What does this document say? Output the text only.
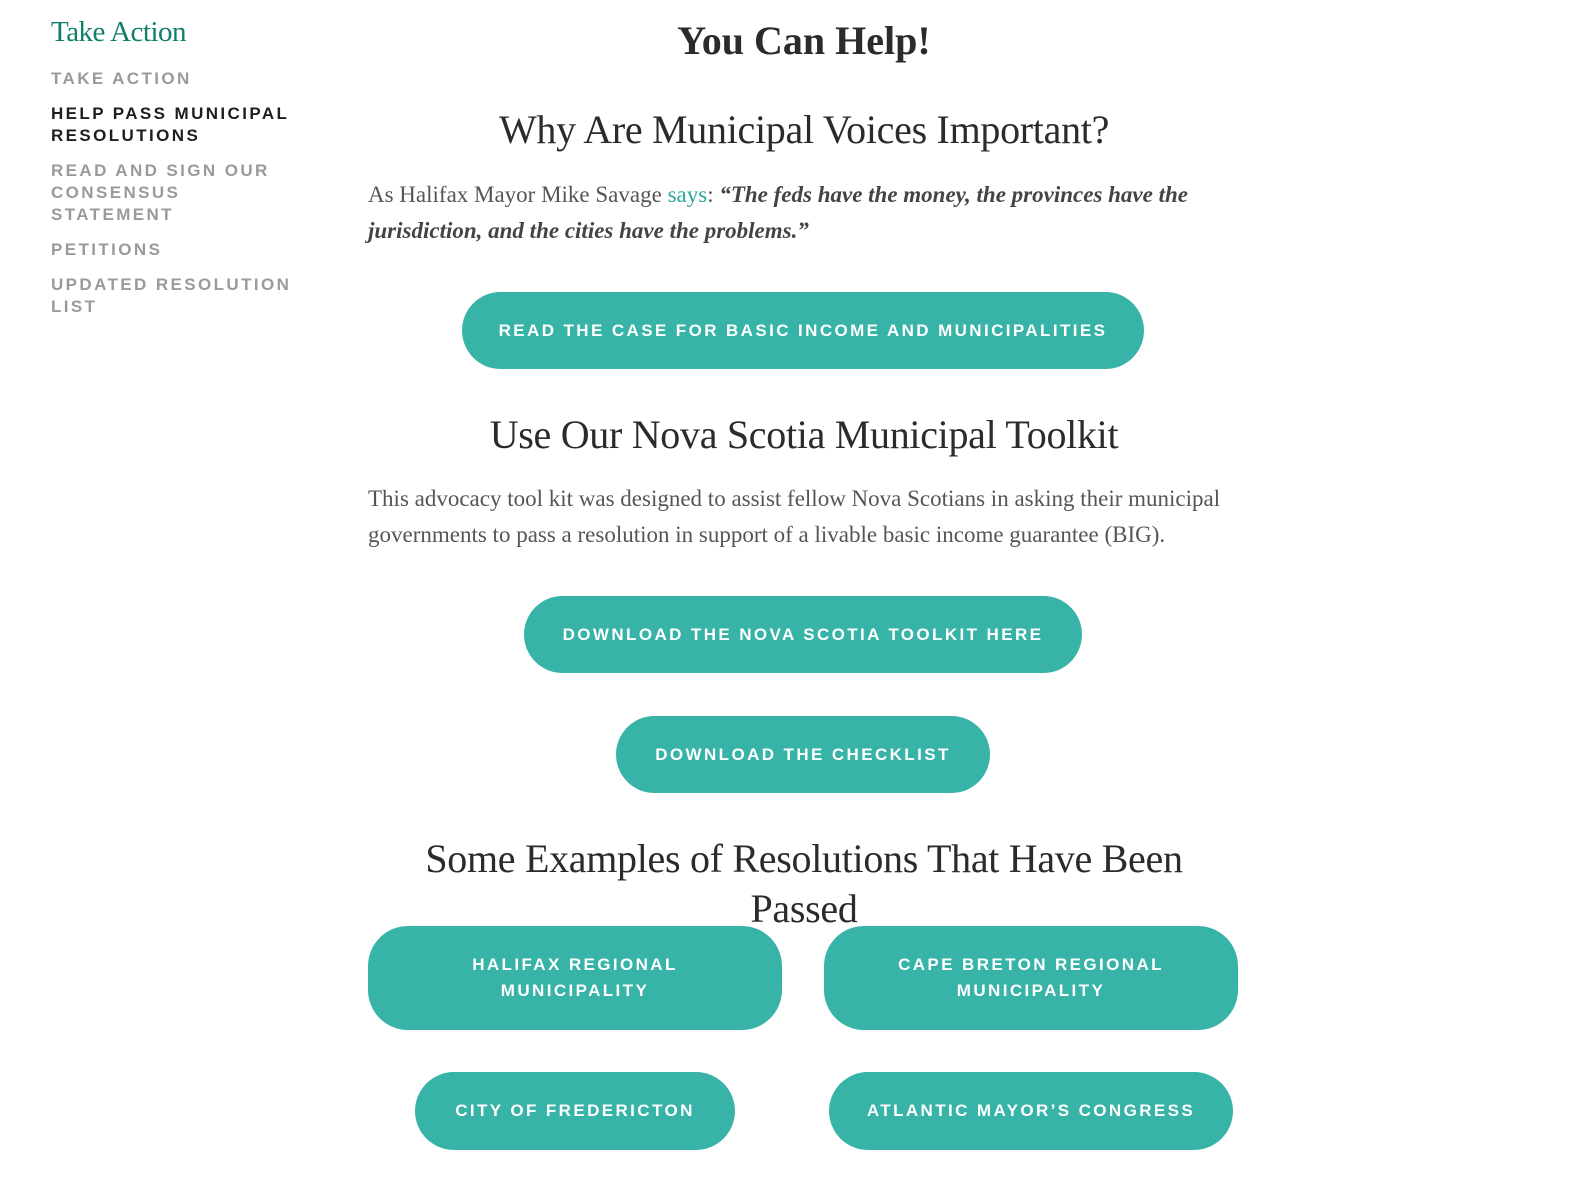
Take Action
TAKE ACTION
HELP PASS MUNICIPAL RESOLUTIONS
READ AND SIGN OUR CONSENSUS STATEMENT
PETITIONS
UPDATED RESOLUTION LIST
You Can Help!
Why Are Municipal Voices Important?

As Halifax Mayor Mike Savage says: “The feds have the money, the provinces have the jurisdiction, and the cities have the problems.”

READ THE CASE FOR BASIC INCOME AND MUNICIPALITIES
Use Our Nova Scotia Municipal Toolkit

This advocacy tool kit was designed to assist fellow Nova Scotians in asking their municipal governments to pass a resolution in support of a livable basic income guarantee (BIG).

DOWNLOAD THE NOVA SCOTIA TOOLKIT HERE
DOWNLOAD THE CHECKLIST
Some Examples of Resolutions That Have Been Passed
HALIFAX REGIONAL MUNICIPALITY
CAPE BRETON REGIONAL MUNICIPALITY
CITY OF FREDERICTON	ATLANTIC MAYOR’S CONGRESS
